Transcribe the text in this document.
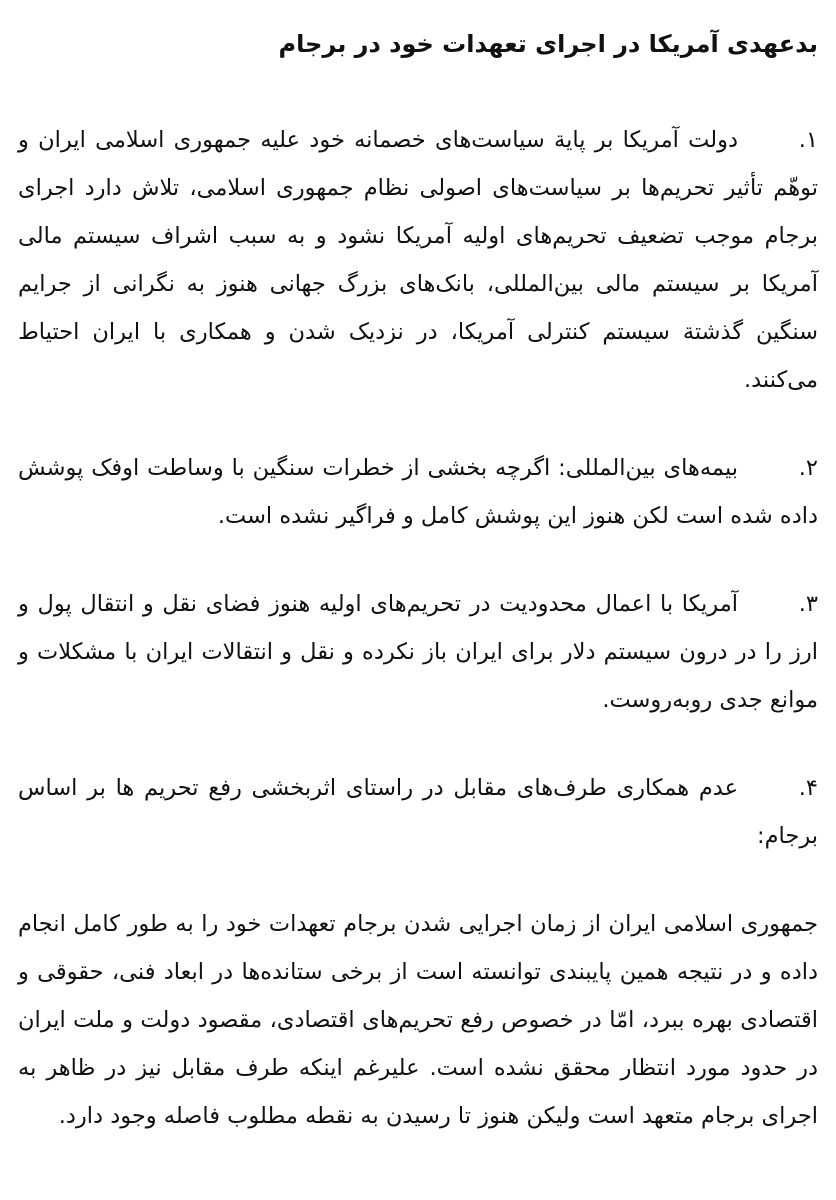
بدعهدی آمریکا در اجرای تعهدات خود در برجام

۱.دولت آمریکا بر پایة سیاست‌های خصمانه خود علیه جمهوری اسلامی ایران و توهّم تأثیر تحریم‌ها بر سیاست‌های اصولی نظام جمهوری اسلامی، تلاش دارد اجرای برجام موجب تضعیف تحریم‌های اولیه آمریکا نشود و به سبب اشراف سیستم مالی آمریکا بر سیستم مالی بین‌المللی، بانک‌های بزرگ جهانی هنوز به نگرانی از جرایم سنگین گذشتة سیستم کنترلی آمریکا، در نزدیک شدن و همکاری با ایران احتیاط می‌کنند.

۲.بیمه‌های بین‌المللی: اگرچه بخشی از خطرات سنگین با وساطت اوفک پوشش داده شده است لکن هنوز این پوشش کامل و فراگیر نشده است.

۳.آمریکا با اعمال محدودیت در تحریم‌های اولیه هنوز فضای نقل و انتقال پول و ارز را در درون سیستم دلار برای ایران باز نکرده و نقل و انتقالات ایران با مشکلات و موانع جدی روبه‌روست.

۴.عدم همکاری طرف‌های مقابل در راستای اثربخشی رفع تحریم ها بر اساس برجام:

جمهوری اسلامی ایران از زمان اجرایی شدن برجام تعهدات خود را به طور کامل انجام داده و در نتیجه همین پایبندی توانسته است از برخی ستانده‌ها در ابعاد فنی، حقوقی و اقتصادی بهره ببرد، امّا در خصوص رفع تحریم‌های اقتصادی، مقصود دولت و ملت ایران در حدود مورد انتظار محقق نشده است. علیرغم اینکه طرف مقابل نیز در ظاهر به اجرای برجام متعهد است ولیکن هنوز تا رسیدن به نقطه مطلوب فاصله وجود دارد.
